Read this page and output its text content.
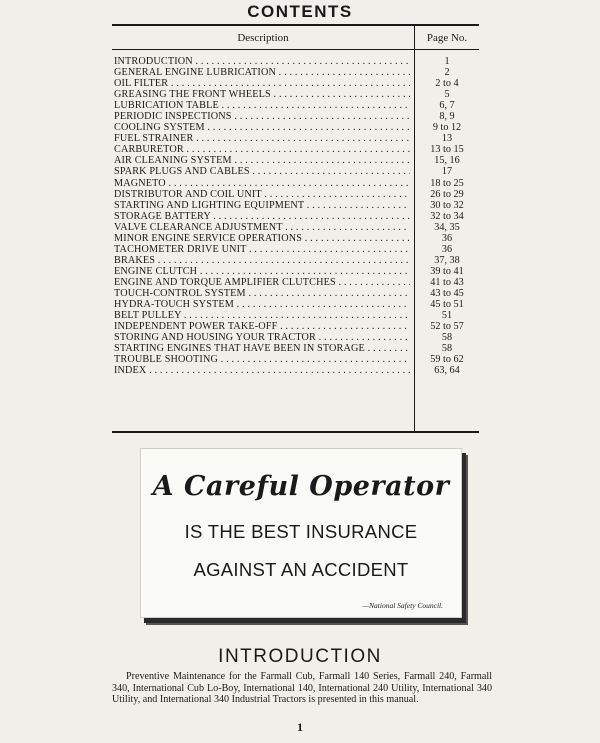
CONTENTS
Description	Page No.
INTRODUCTION . . .	1
GENERAL ENGINE LUBRICATION . . .	2
OIL FILTER . . .	2 to 4
GREASING THE FRONT WHEELS . . .	5
LUBRICATION TABLE . . .	6, 7
PERIODIC INSPECTIONS . . .	8, 9
COOLING SYSTEM . . .	9 to 12
FUEL STRAINER . . .	13
CARBURETOR . . .	13 to 15
AIR CLEANING SYSTEM . . .	15, 16
SPARK PLUGS AND CABLES . . .	17
MAGNETO . . .	18 to 25
DISTRIBUTOR AND COIL UNIT . . .	26 to 29
STARTING AND LIGHTING EQUIPMENT . . .	30 to 32
STORAGE BATTERY . . .	32 to 34
VALVE CLEARANCE ADJUSTMENT . . .	34, 35
MINOR ENGINE SERVICE OPERATIONS . . .	36
TACHOMETER DRIVE UNIT . . .	36
BRAKES . . .	37, 38
ENGINE CLUTCH . . .	39 to 41
ENGINE AND TORQUE AMPLIFIER CLUTCHES . . .	41 to 43
TOUCH-CONTROL SYSTEM . . .	43 to 45
HYDRA-TOUCH SYSTEM . . .	45 to 51
BELT PULLEY . . .	51
INDEPENDENT POWER TAKE-OFF . . .	52 to 57
STORING AND HOUSING YOUR TRACTOR . . .	58
STARTING ENGINES THAT HAVE BEEN IN STORAGE . . .	58
TROUBLE SHOOTING . . .	59 to 62
INDEX . . .	63, 64
A Careful Operator
IS THE BEST INSURANCE
AGAINST AN ACCIDENT
—National Safety Council.
INTRODUCTION
Preventive Maintenance for the Farmall Cub, Farmall 140 Series, Farmall 240, Farmall 340, International Cub Lo-Boy, International 140, International 240 Utility, International 340 Utility, and International 340 Industrial Tractors is presented in this manual.
1
